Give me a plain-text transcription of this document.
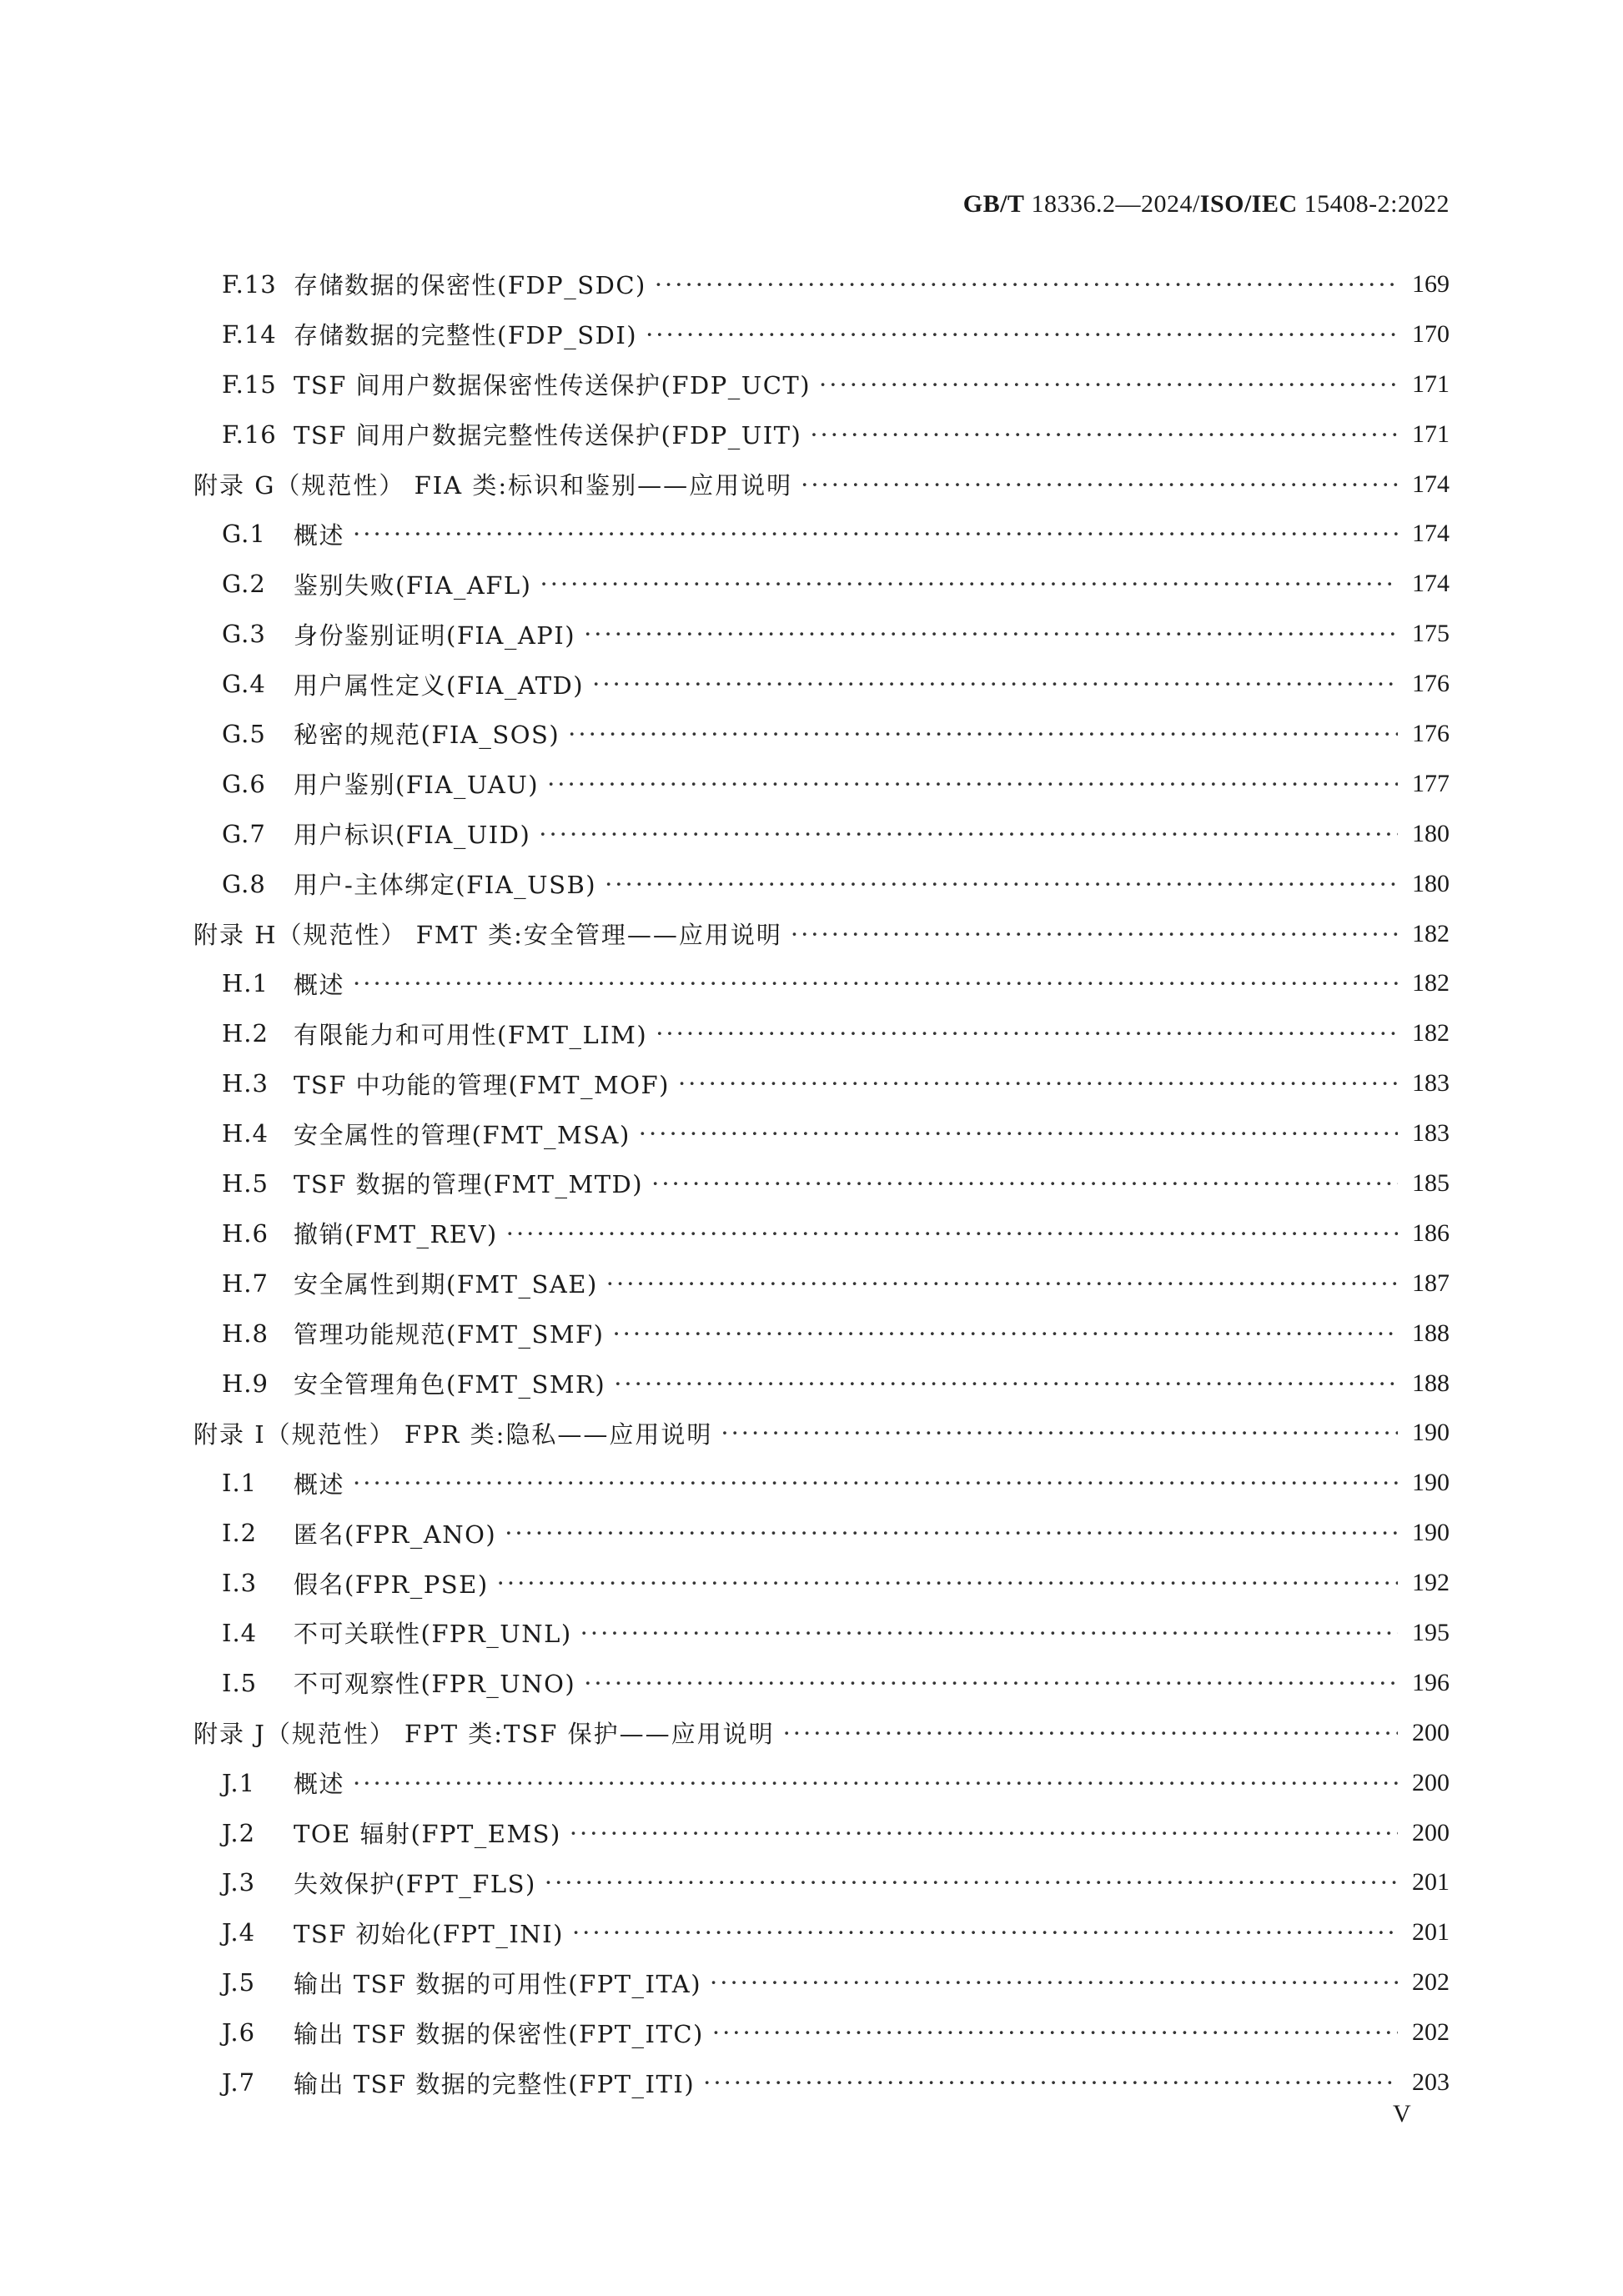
GB/T 18336.2—2024/ISO/IEC 15408-2:2022
F.13 存储数据的保密性(FDP_SDC) ·····	169
F.14 存储数据的完整性(FDP_SDI) ·····	170
F.15 TSF 间用户数据保密性传送保护(FDP_UCT) ·····	171
F.16 TSF 间用户数据完整性传送保护(FDP_UIT) ·····	171
附录 G（规范性） FIA 类:标识和鉴别——应用说明 ·····	174
G.1	概述 ·····	174
G.2	鉴别失败(FIA_AFL) ·····	174
G.3	身份鉴别证明(FIA_API) ·····	175
G.4	用户属性定义(FIA_ATD) ·····	176
G.5	秘密的规范(FIA_SOS) ·····	176
G.6	用户鉴别(FIA_UAU) ·····	177
G.7	用户标识(FIA_UID) ·····	180
G.8	用户-主体绑定(FIA_USB) ·····	180
附录 H（规范性） FMT 类:安全管理——应用说明 ·····	182
H.1	概述 ·····	182
H.2	有限能力和可用性(FMT_LIM) ·····	182
H.3	TSF 中功能的管理(FMT_MOF) ·····	183
H.4	安全属性的管理(FMT_MSA) ·····	183
H.5	TSF 数据的管理(FMT_MTD) ·····	185
H.6	撤销(FMT_REV) ·····	186
H.7	安全属性到期(FMT_SAE) ·····	187
H.8	管理功能规范(FMT_SMF) ·····	188
H.9	安全管理角色(FMT_SMR) ·····	188
附录 I（规范性） FPR 类:隐私——应用说明 ·····	190
I.1	概述 ·····	190
I.2	匿名(FPR_ANO) ·····	190
I.3	假名(FPR_PSE) ·····	192
I.4	不可关联性(FPR_UNL) ·····	195
I.5	不可观察性(FPR_UNO) ·····	196
附录 J（规范性） FPT 类:TSF 保护——应用说明 ·····	200
J.1	概述 ·····	200
J.2	TOE 辐射(FPT_EMS) ·····	200
J.3	失效保护(FPT_FLS) ·····	201
J.4	TSF 初始化(FPT_INI) ·····	201
J.5	输出 TSF 数据的可用性(FPT_ITA) ·····	202
J.6	输出 TSF 数据的保密性(FPT_ITC) ·····	202
J.7	输出 TSF 数据的完整性(FPT_ITI) ·····	203
V
